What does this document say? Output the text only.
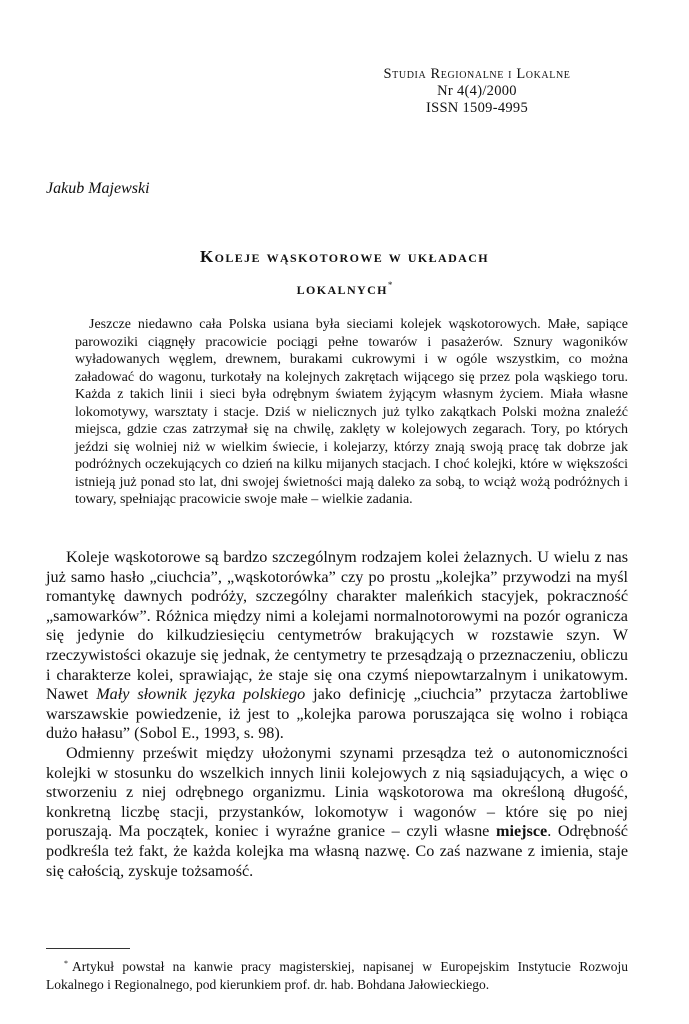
Studia Regionalne i Lokalne
Nr 4(4)/2000
ISSN 1509-4995
Jakub Majewski
Koleje wąskotorowe w układach
lokalnych*

Jeszcze niedawno cała Polska usiana była sieciami kolejek wąskotorowych. Małe, sapiące parowoziki ciągnęły pracowicie pociągi pełne towarów i pasażerów. Sznury wagoników wyładowanych węglem, drewnem, burakami cukrowymi i w ogóle wszystkim, co można załadować do wagonu, turkotały na kolejnych zakrętach wijącego się przez pola wąskiego toru. Każda z takich linii i sieci była odrębnym światem żyjącym własnym życiem. Miała własne lokomotywy, warsztaty i stacje. Dziś w nielicznych już tylko zakątkach Polski można znaleźć miejsca, gdzie czas zatrzymał się na chwilę, zaklęty w kolejowych zegarach. Tory, po których jeździ się wolniej niż w wielkim świecie, i kolejarzy, którzy znają swoją pracę tak dobrze jak podróżnych oczekujących co dzień na kilku mijanych stacjach. I choć kolejki, które w większości istnieją już ponad sto lat, dni swojej świetności mają daleko za sobą, to wciąż wożą podróżnych i towary, spełniając pracowicie swoje małe – wielkie zadania.

Koleje wąskotorowe są bardzo szczególnym rodzajem kolei żelaznych. U wielu z nas już samo hasło „ciuchcia”, „wąskotorówka” czy po prostu „kolejka” przywodzi na myśl romantykę dawnych podróży, szczególny charakter maleńkich stacyjek, pokraczność „samowarków”. Różnica między nimi a kolejami normalnotorowymi na pozór ogranicza się jedynie do kilkudziesięciu centymetrów brakujących w rozstawie szyn. W rzeczywistości okazuje się jednak, że centymetry te przesądzają o przeznaczeniu, obliczu i charakterze kolei, sprawiając, że staje się ona czymś niepowtarzalnym i unikatowym. Nawet Mały słownik języka polskiego jako definicję „ciuchcia” przytacza żartobliwe warszawskie powiedzenie, iż jest to „kolejka parowa poruszająca się wolno i robiąca dużo hałasu” (Sobol E., 1993, s. 98).

Odmienny prześwit między ułożonymi szynami przesądza też o autonomiczności kolejki w stosunku do wszelkich innych linii kolejowych z nią sąsiadujących, a więc o stworzeniu z niej odrębnego organizmu. Linia wąskotorowa ma określoną długość, konkretną liczbę stacji, przystanków, lokomotyw i wagonów – które się po niej poruszają. Ma początek, koniec i wyraźne granice – czyli własne miejsce. Odrębność podkreśla też fakt, że każda kolejka ma własną nazwę. Co zaś nazwane z imienia, staje się całością, zyskuje tożsamość.

* Artykuł powstał na kanwie pracy magisterskiej, napisanej w Europejskim Instytucie Rozwoju Lokalnego i Regionalnego, pod kierunkiem prof. dr. hab. Bohdana Jałowieckiego.
